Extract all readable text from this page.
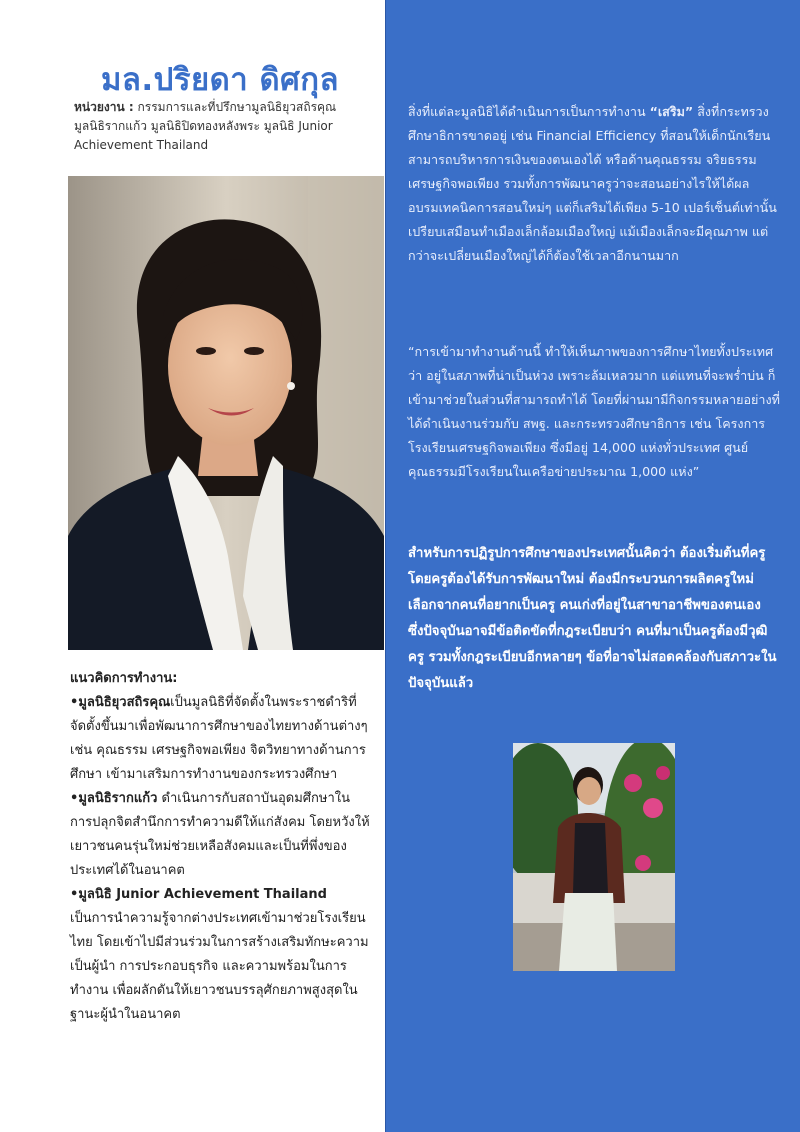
มล.ปริยดา ดิศกุล
หน่วยงาน : กรรมการและที่ปรึกษามูลนิธิยุวสถิรคุณ มูลนิธิรากแก้ว มูลนิธิปิดทองหลังพระ มูลนิธิ Junior Achievement Thailand
แนวคิดการทำงาน:

•มูลนิธิยุวสถิรคุณเป็นมูลนิธิที่จัดตั้งในพระราชดำริที่จัดตั้งขึ้นมาเพื่อพัฒนาการศึกษาของไทยทางด้านต่างๆ เช่น คุณธรรม เศรษฐกิจพอเพียง จิตวิทยาทางด้านการศึกษา เข้ามาเสริมการทำงานของกระทรวงศึกษา

•มูลนิธิรากแก้ว ดำเนินการกับสถาบันอุดมศึกษาในการปลุกจิตสำนึกการทำความดีให้แก่สังคม โดยหวังให้เยาวชนคนรุ่นใหม่ช่วยเหลือสังคมและเป็นที่พึ่งของประเทศได้ในอนาคต

•มูลนิธิ Junior Achievement Thailand เป็นการนำความรู้จากต่างประเทศเข้ามาช่วยโรงเรียนไทย โดยเข้าไปมีส่วนร่วมในการสร้างเสริมทักษะความเป็นผู้นำ การประกอบธุรกิจ และความพร้อมในการทำงาน เพื่อผลักดันให้เยาวชนบรรลุศักยภาพสูงสุดในฐานะผู้นำในอนาคต

สิ่งที่แต่ละมูลนิธิได้ดำเนินการเป็นการทำงาน “เสริม” สิ่งที่กระทรวงศึกษาธิการขาดอยู่ เช่น Financial Efficiency ที่สอนให้เด็กนักเรียนสามารถบริหารการเงินของตนเองได้ หรือด้านคุณธรรม จริยธรรม เศรษฐกิจพอเพียง รวมทั้งการพัฒนาครูว่าจะสอนอย่างไรให้ได้ผล อบรมเทคนิคการสอนใหม่ๆ แต่ก็เสริมได้เพียง 5-10 เปอร์เซ็นต์เท่านั้น เปรียบเสมือนทำเมืองเล็กล้อมเมืองใหญ่ แม้เมืองเล็กจะมีคุณภาพ แต่กว่าจะเปลี่ยนเมืองใหญ่ได้ก็ต้องใช้เวลาอีกนานมาก

“การเข้ามาทำงานด้านนี้ ทำให้เห็นภาพของการศึกษาไทยทั้งประเทศว่า อยู่ในสภาพที่น่าเป็นห่วง เพราะล้มเหลวมาก แต่แทนที่จะพร่ำบ่น ก็เข้ามาช่วยในส่วนที่สามารถทำได้ โดยที่ผ่านมามีกิจกรรมหลายอย่างที่ได้ดำเนินงานร่วมกับ สพฐ. และกระทรวงศึกษาธิการ เช่น โครงการโรงเรียนเศรษฐกิจพอเพียง ซึ่งมีอยู่ 14,000 แห่งทั่วประเทศ ศูนย์คุณธรรมมีโรงเรียนในเครือข่ายประมาณ 1,000 แห่ง”

สำหรับการปฏิรูปการศึกษาของประเทศนั้นคิดว่า ต้องเริ่มต้นที่ครู โดยครูต้องได้รับการพัฒนาใหม่ ต้องมีกระบวนการผลิตครูใหม่ เลือกจากคนที่อยากเป็นครู คนเก่งที่อยู่ในสาขาอาชีพของตนเอง ซึ่งปัจจุบันอาจมีข้อติดขัดที่กฎระเบียบว่า คนที่มาเป็นครูต้องมีวุฒิครู รวมทั้งกฎระเบียบอีกหลายๆ ข้อที่อาจไม่สอดคล้องกับสภาวะในปัจจุบันแล้ว
